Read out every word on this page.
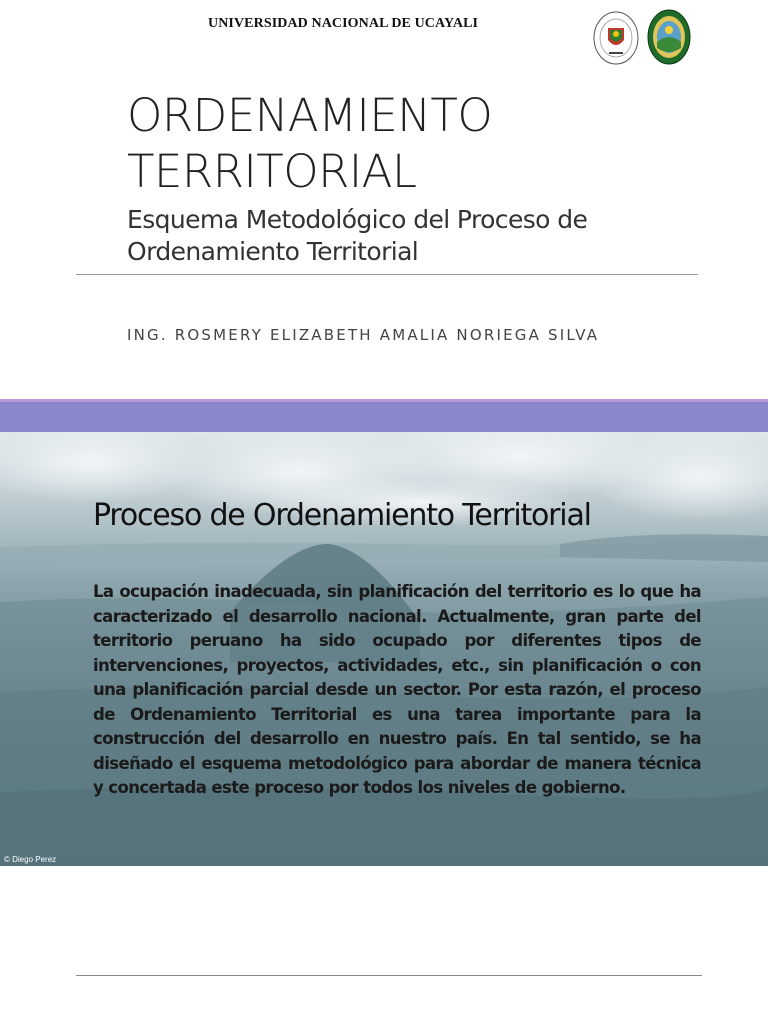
UNIVERSIDAD NACIONAL DE UCAYALI
ORDENAMIENTO
TERRITORIAL
Esquema Metodológico del Proceso de
Ordenamiento Territorial
ING. ROSMERY ELIZABETH AMALIA NORIEGA SILVA
Proceso de Ordenamiento Territorial
La ocupación inadecuada, sin planificación del territorio es lo que ha caracterizado el desarrollo nacional. Actualmente, gran parte del territorio peruano ha sido ocupado por diferentes tipos de intervenciones, proyectos, actividades, etc., sin planificación o con una planificación parcial desde un sector. Por esta razón, el proceso de Ordenamiento Territorial es una tarea importante para la construcción del desarrollo en nuestro país. En tal sentido, se ha diseñado el esquema metodológico para abordar de manera técnica y concertada este proceso por todos los niveles de gobierno.
© Diego Perez
